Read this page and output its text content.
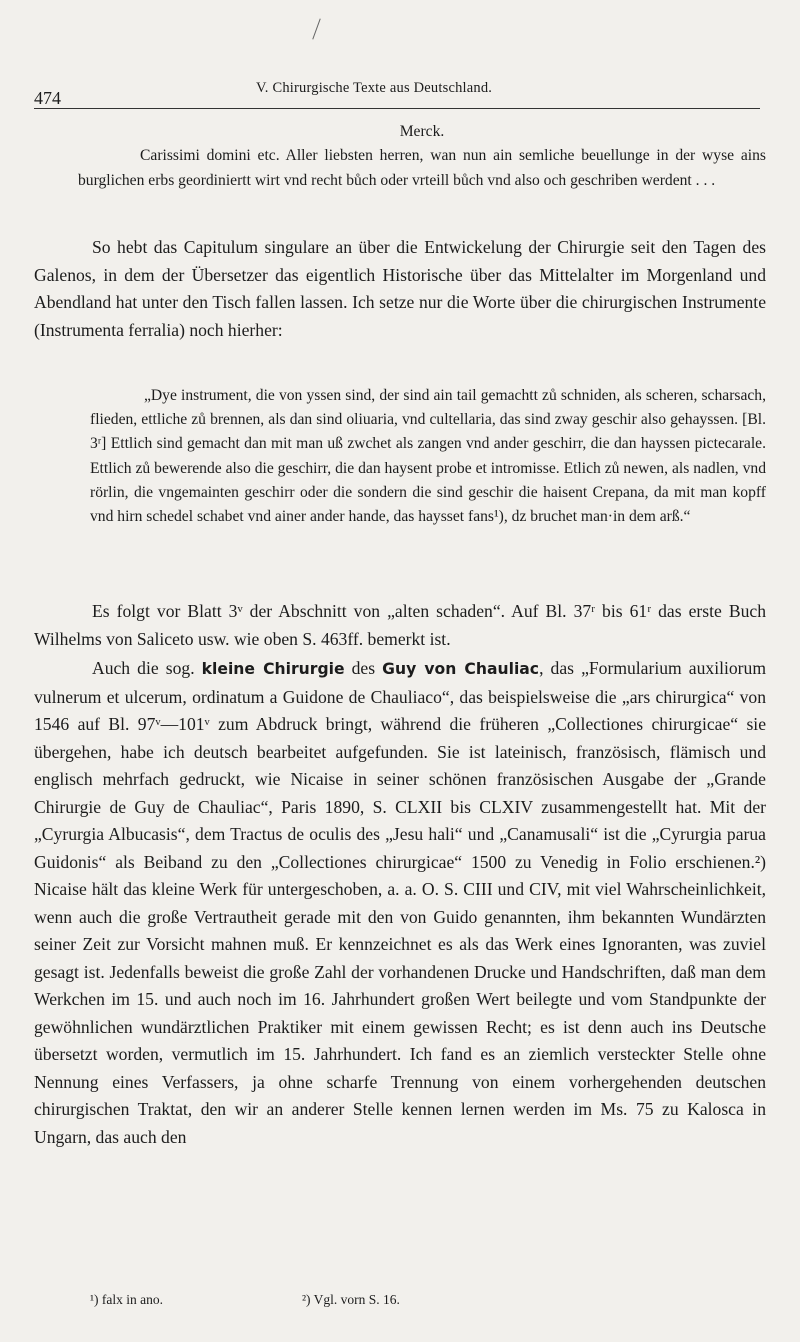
474	V. Chirurgische Texte aus Deutschland.

Merck.

Carissimi domini etc. Aller liebsten herren, wan nun ain semliche beuellunge in der wyse ains burglichen erbs geordiniertt wirt vnd recht bůch oder vrteill bůch vnd also och geschriben werdent . . .

So hebt das Capitulum singulare an über die Entwickelung der Chirurgie seit den Tagen des Galenos, in dem der Übersetzer das eigentlich Historische über das Mittelalter im Morgenland und Abendland hat unter den Tisch fallen lassen. Ich setze nur die Worte über die chirurgischen Instrumente (Instrumenta ferralia) noch hierher:

„Dye instrument, die von yssen sind, der sind ain tail gemachtt zů schniden, als scheren, scharsach, flieden, ettliche zů brennen, als dan sind oliuaria, vnd cultellaria, das sind zway geschir also gehayssen. [Bl. 3ʳ] Ettlich sind gemacht dan mit man uß zwchet als zangen vnd ander geschirr, die dan hayssen pictecarale. Ettlich zů bewerende also die geschirr, die dan haysent probe et intromisse. Etlich zů newen, als nadlen, vnd rörlin, die vngemainten geschirr oder die sondern die sind geschir die haisent Crepana, da mit man kopff vnd hirn schedel schabet vnd ainer ander hande, das haysset fans¹), dz bruchet man·in dem arß.“

Es folgt vor Blatt 3ᵛ der Abschnitt von „alten schaden“. Auf Bl. 37ʳ bis 61ʳ das erste Buch Wilhelms von Saliceto usw. wie oben S. 463ff. bemerkt ist.

Auch die sog. kleine Chirurgie des Guy von Chauliac, das „Formularium auxiliorum vulnerum et ulcerum, ordinatum a Guidone de Chauliaco“, das beispielsweise die „ars chirurgica“ von 1546 auf Bl. 97ᵛ—101ᵛ zum Abdruck bringt, während die früheren „Collectiones chirurgicae“ sie übergehen, habe ich deutsch bearbeitet aufgefunden. Sie ist lateinisch, französisch, flämisch und englisch mehrfach gedruckt, wie Nicaise in seiner schönen französischen Ausgabe der „Grande Chirurgie de Guy de Chauliac“, Paris 1890, S. CLXII bis CLXIV zusammengestellt hat. Mit der „Cyrurgia Albucasis“, dem Tractus de oculis des „Jesu hali“ und „Canamusali“ ist die „Cyrurgia parua Guidonis“ als Beiband zu den „Collectiones chirurgicae“ 1500 zu Venedig in Folio erschienen.²) Nicaise hält das kleine Werk für untergeschoben, a. a. O. S. CIII und CIV, mit viel Wahrscheinlichkeit, wenn auch die große Vertrautheit gerade mit den von Guido genannten, ihm bekannten Wundärzten seiner Zeit zur Vorsicht mahnen muß. Er kennzeichnet es als das Werk eines Ignoranten, was zuviel gesagt ist. Jedenfalls beweist die große Zahl der vorhandenen Drucke und Handschriften, daß man dem Werkchen im 15. und auch noch im 16. Jahrhundert großen Wert beilegte und vom Standpunkte der gewöhnlichen wundärztlichen Praktiker mit einem gewissen Recht; es ist denn auch ins Deutsche übersetzt worden, vermutlich im 15. Jahrhundert. Ich fand es an ziemlich versteckter Stelle ohne Nennung eines Verfassers, ja ohne scharfe Trennung von einem vorhergehenden deutschen chirurgischen Traktat, den wir an anderer Stelle kennen lernen werden im Ms. 75 zu Kalosca in Ungarn, das auch den

¹) falx in ano.	²) Vgl. vorn S. 16.
